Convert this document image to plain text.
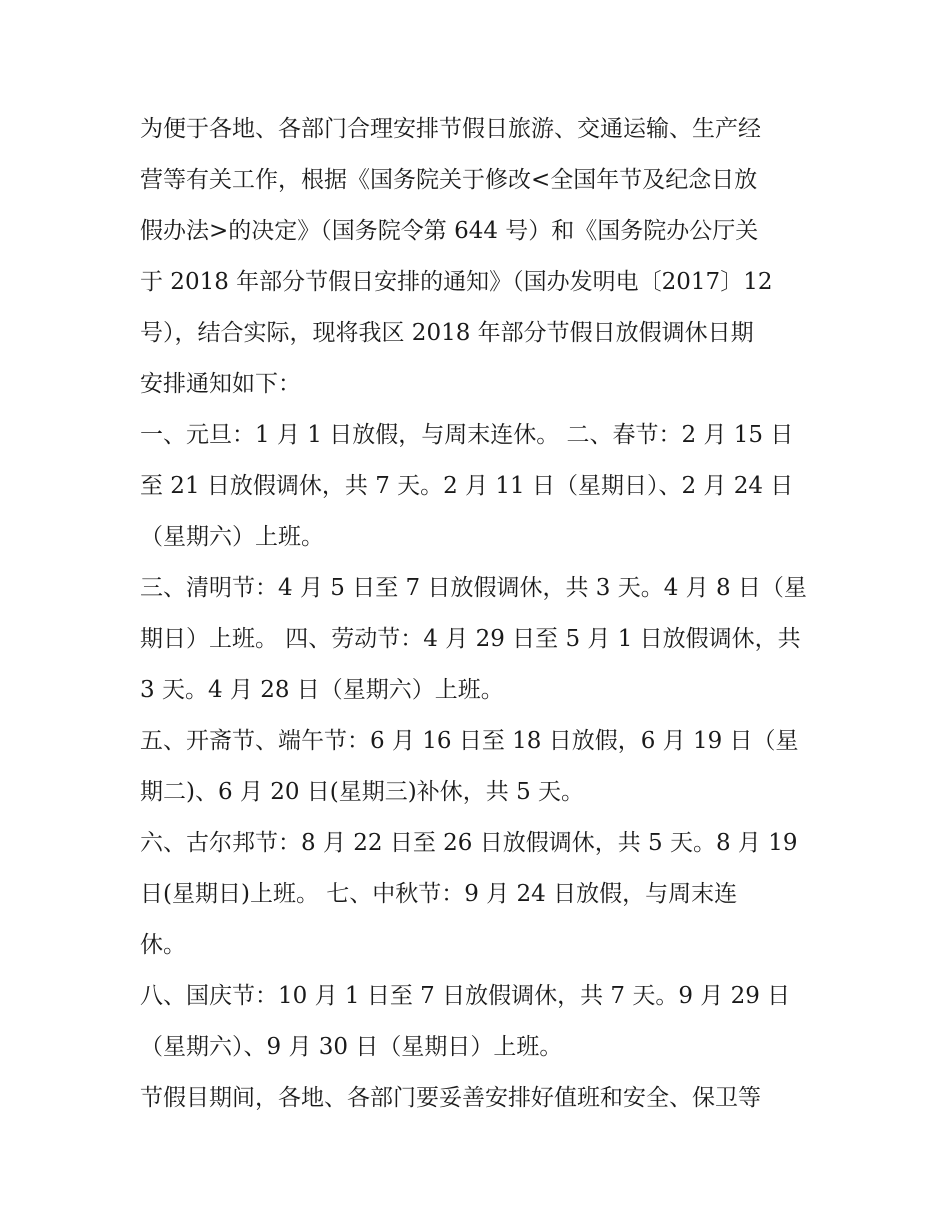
为便于各地、各部门合理安排节假日旅游、交通运输、生产经
营等有关工作，根据《国务院关于修改<全国年节及纪念日放
假办法>的决定》（国务院令第 644 号）和《国务院办公厅关
于 2018 年部分节假日安排的通知》（国办发明电〔2017〕12
号），结合实际，现将我区 2018 年部分节假日放假调休日期
安排通知如下：

一、元旦：1 月 1 日放假，与周末连休。 二、春节：2 月 15 日
至 21 日放假调休，共 7 天。2 月 11 日（星期日）、2 月 24 日
（星期六）上班。

三、清明节：4 月 5 日至 7 日放假调休，共 3 天。4 月 8 日（星
期日）上班。 四、劳动节：4 月 29 日至 5 月 1 日放假调休，共
3 天。4 月 28 日（星期六）上班。

五、开斋节、端午节：6 月 16 日至 18 日放假，6 月 19 日（星
期二)、6 月 20 日(星期三)补休，共 5 天。

六、古尔邦节：8 月 22 日至 26 日放假调休，共 5 天。8 月 19
日(星期日)上班。 七、中秋节：9 月 24 日放假，与周末连
休。

八、国庆节：10 月 1 日至 7 日放假调休，共 7 天。9 月 29 日
（星期六）、9 月 30 日（星期日）上班。

节假目期间，各地、各部门要妥善安排好值班和安全、保卫等
